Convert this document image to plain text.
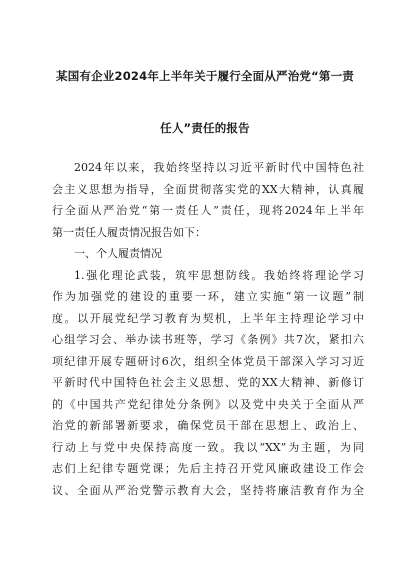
某国有企业2024年上半年关于履行全面从严治党“第一责
任人”责任的报告
2024年以来，我始终坚持以习近平新时代中国特色社
会主义思想为指导，全面贯彻落实党的XX大精神，认真履
行全面从严治党“第一责任人”责任，现将2024年上半年
第一责任人履责情况报告如下：
一、个人履责情况
1.强化理论武装，筑牢思想防线。我始终将理论学习
作为加强党的建设的重要一环，建立实施“第一议题”制
度。以开展党纪学习教育为契机，上半年主持理论学习中
心组学习会、举办读书班等，学习《条例》共7次，紧扣六
项纪律开展专题研讨6次，组织全体党员干部深入学习习近
平新时代中国特色社会主义思想、党的XX大精神、新修订
的《中国共产党纪律处分条例》以及党中央关于全面从严
治党的新部署新要求，确保党员干部在思想上、政治上、
行动上与党中央保持高度一致。我以“XX”为主题，为同
志们上纪律专题党课；先后主持召开党风廉政建设工作会
议、全面从严治党警示教育大会，坚持将廉洁教育作为全
